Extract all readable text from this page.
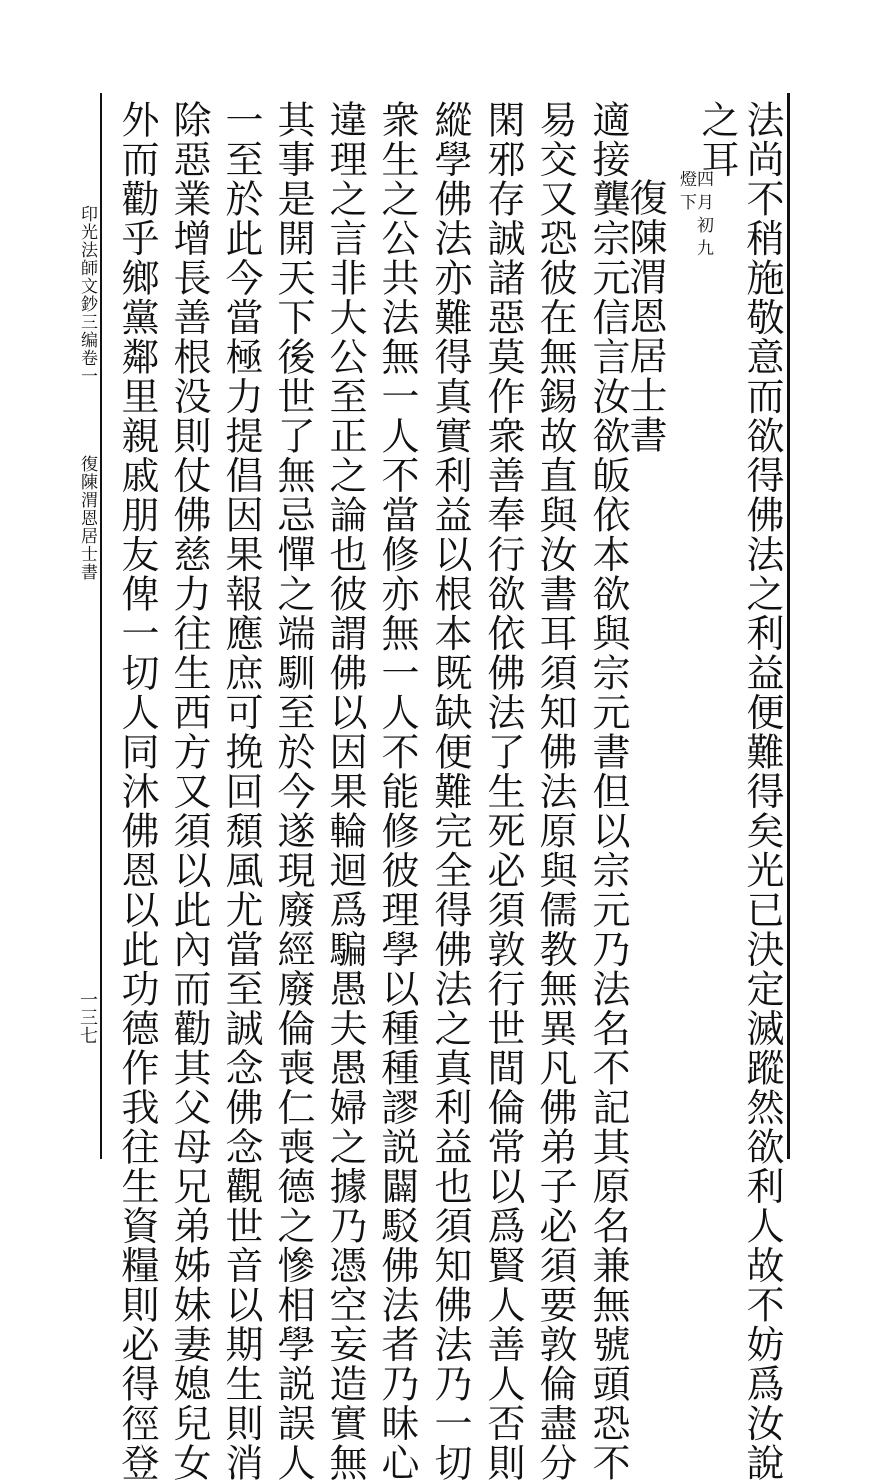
法尚不稍施敬意而欲得佛法之利益便難得矣光已決定滅蹤然欲利人故不妨爲汝說
之耳
四月初九
燈下
復陳渭恩居士書
適接龔宗元信言汝欲皈依本欲與宗元書但以宗元乃法名不記其原名兼無號頭恐不
易交又恐彼在無錫故直與汝書耳須知佛法原與儒教無異凡佛弟子必須要敦倫盡分
閑邪存誠諸惡莫作衆善奉行欲依佛法了生死必須敦行世間倫常以爲賢人善人否則
縱學佛法亦難得真實利益以根本既缺便難完全得佛法之真利益也須知佛法乃一切
衆生之公共法無一人不當修亦無一人不能修彼理學以種種謬説闢駁佛法者乃昧心
違理之言非大公至正之論也彼謂佛以因果輪迴爲騙愚夫愚婦之據乃憑空妄造實無
其事是開天下後世了無忌憚之端馴至於今遂現廢經廢倫喪仁喪德之慘相學説誤人
一至於此今當極力提倡因果報應庶可挽回頹風尤當至誠念佛念觀世音以期生則消
除惡業增長善根没則仗佛慈力往生西方又須以此內而勸其父母兄弟姊妹妻媳兒女
外而勸乎鄉黨鄰里親戚朋友俾一切人同沐佛恩以此功德作我往生資糧則必得徑登
印光法師文鈔三编卷一
復陳渭恩居士書
一三七
